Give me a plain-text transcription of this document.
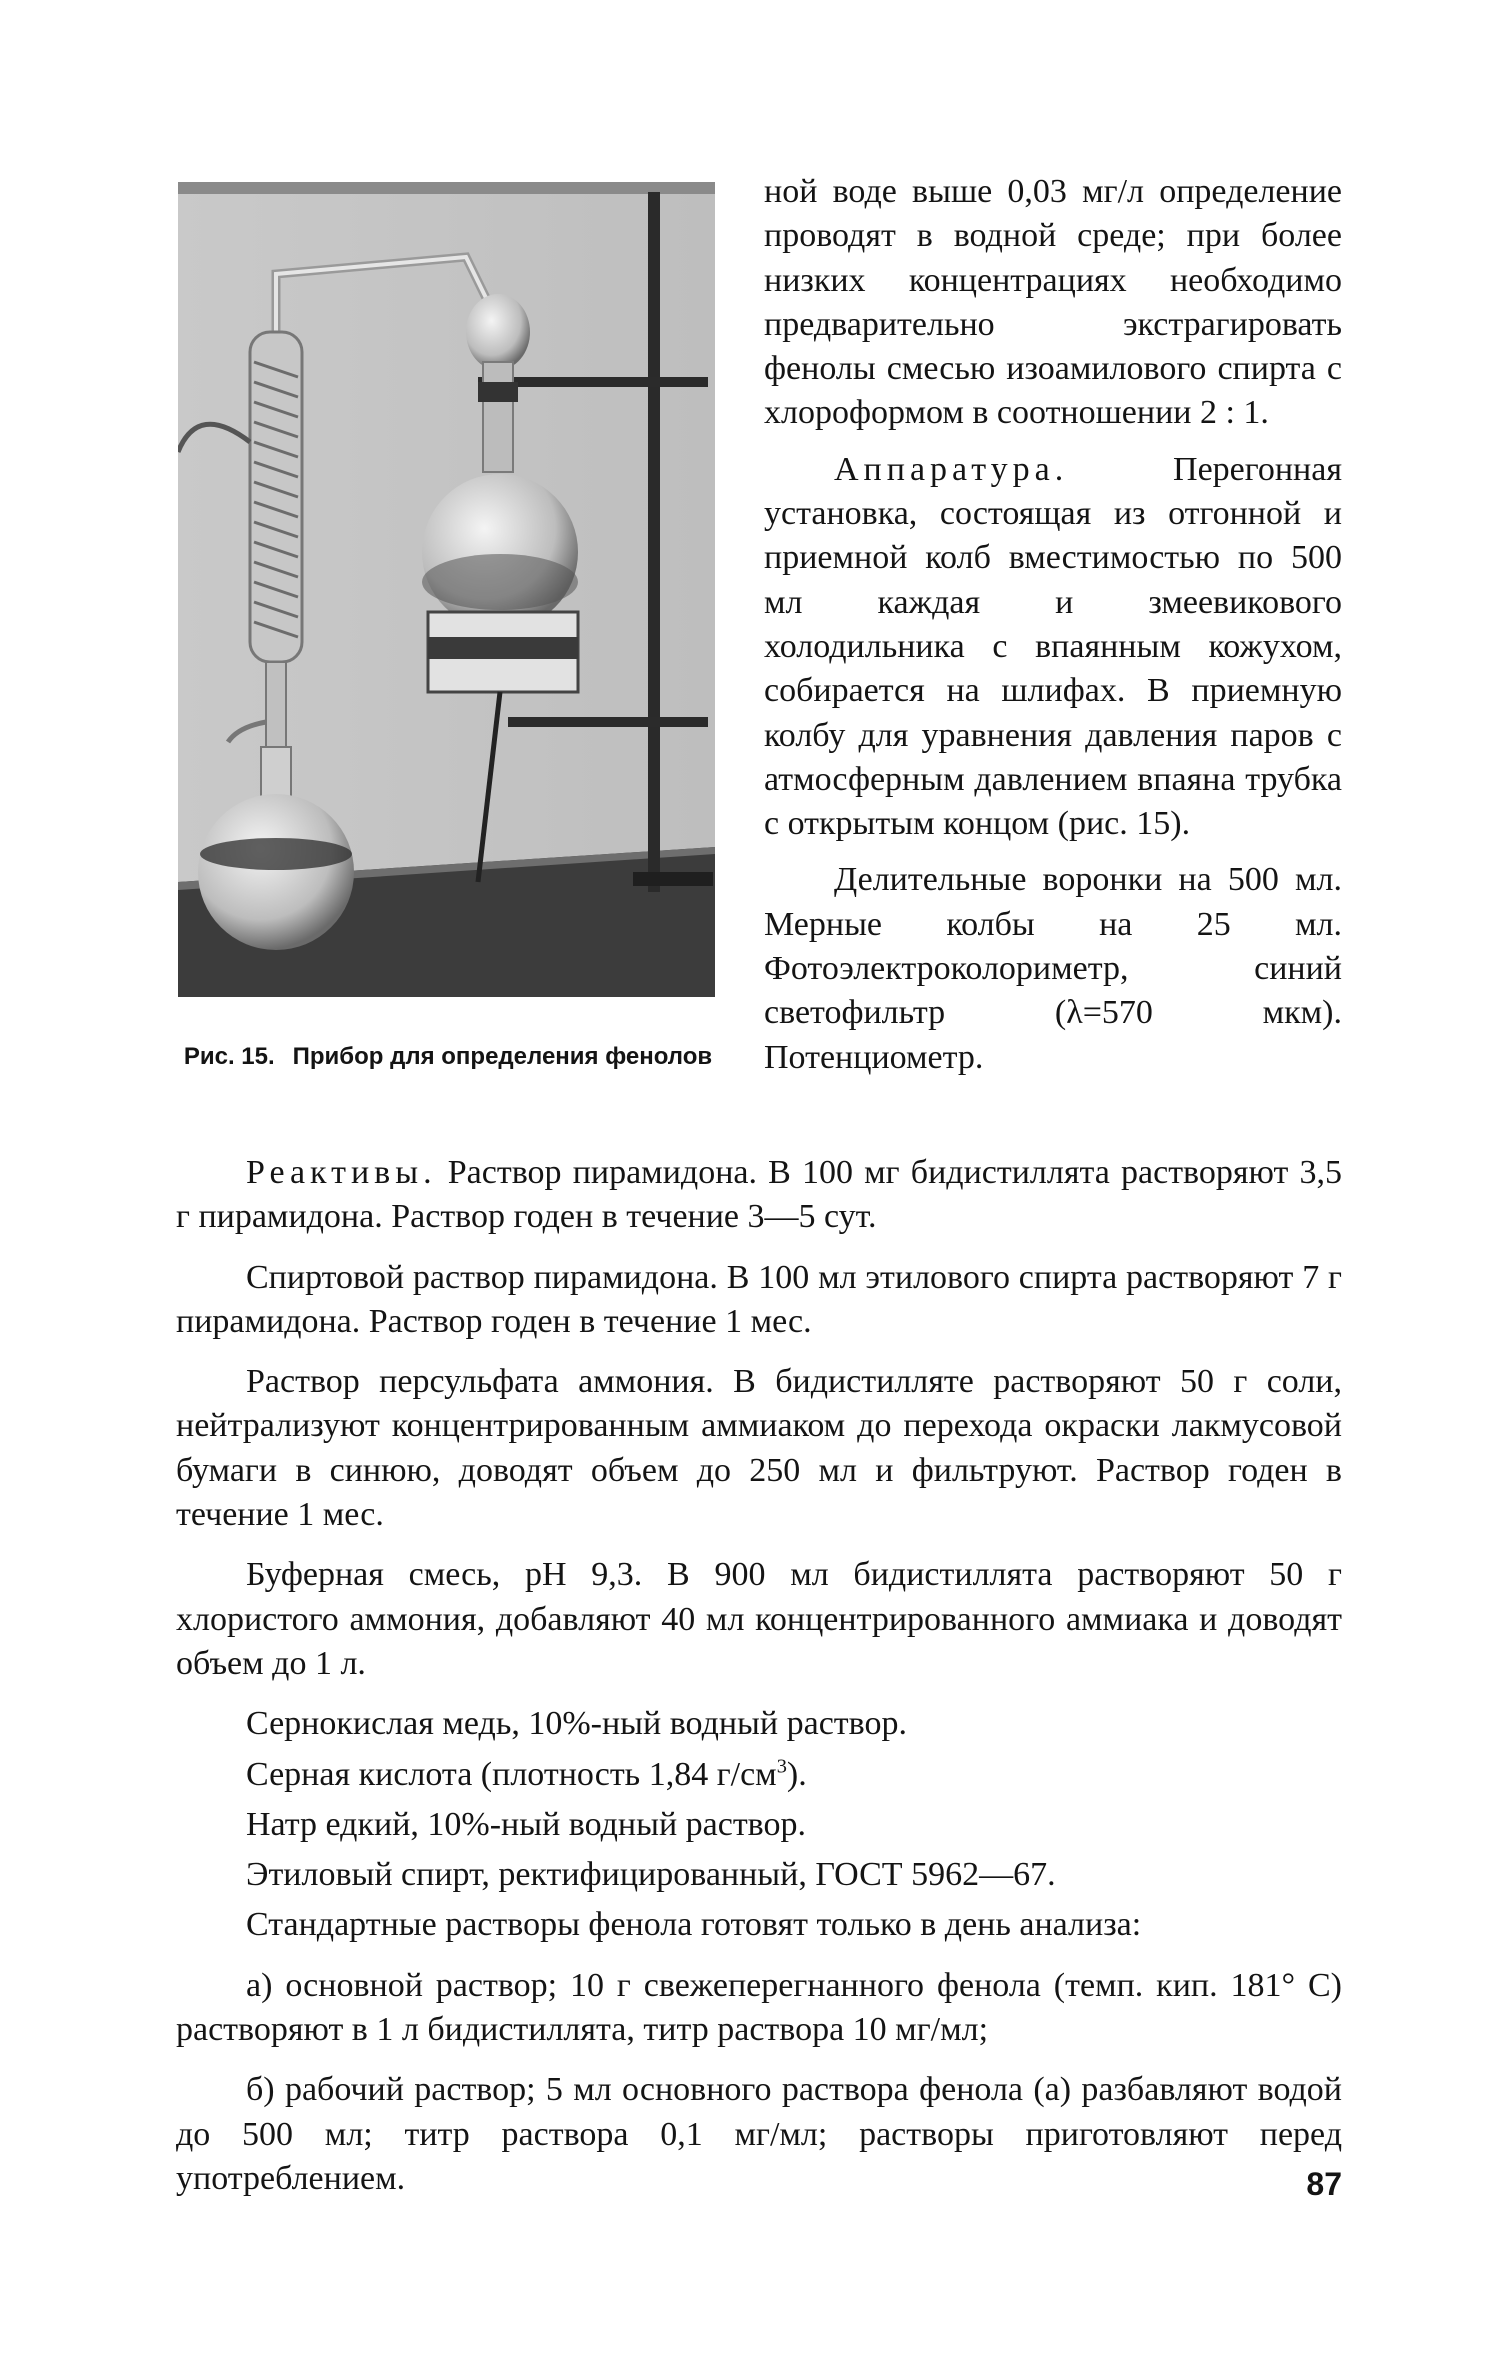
Рис. 15. Прибор для определения фенолов

ной воде выше 0,03 мг/л определение проводят в водной среде; при более низких концентрациях необходимо предварительно экстрагировать фенолы смесью изоамилового спирта с хлороформом в соотношении 2 : 1.

Аппаратура.	Перегонная установка, состоящая из отгонной и приемной колб вместимостью по 500 мл каждая и змеевикового холодильника с впаянным кожухом, собирается на шлифах. В приемную колбу для уравнения давления паров с атмосферным давлением впаяна трубка с открытым концом (рис. 15).

Делительные воронки на 500 мл. Мерные колбы на 25 мл. Фотоэлектроколориметр, синий светофильтр (λ=570 мкм). Потенциометр.

Реактивы. Раствор пирамидона. В 100 мг бидистиллята растворяют 3,5 г пирамидона. Раствор годен в течение 3—5 сут.

Спиртовой раствор пирамидона. В 100 мл этилового спирта растворяют 7 г пирамидона. Раствор годен в течение 1 мес.

Раствор персульфата аммония. В бидистилляте растворяют 50 г соли, нейтрализуют концентрированным аммиаком до перехода окраски лакмусовой бумаги в синюю, доводят объем до 250 мл и фильтруют. Раствор годен в течение 1 мес.

Буферная смесь, pH 9,3. В 900 мл бидистиллята растворяют 50 г хлористого аммония, добавляют 40 мл концентрированного аммиака и доводят объем до 1 л.

Сернокислая медь, 10%-ный водный раствор.

Серная кислота (плотность 1,84 $г/см^3$).

Натр едкий, 10%-ный водный раствор.

Этиловый спирт, ректифицированный, ГОСТ 5962—67.

Стандартные растворы фенола готовят только в день анализа:

а) основной раствор; 10 г свежеперегнанного фенола (темп. кип. 181° С) растворяют в 1 л бидистиллята, титр раствора 10 мг/мл;

б) рабочий раствор; 5 мл основного раствора фенола (а) разбавляют водой до 500 мл; титр раствора 0,1 мг/мл; растворы приготовляют перед употреблением.	87
